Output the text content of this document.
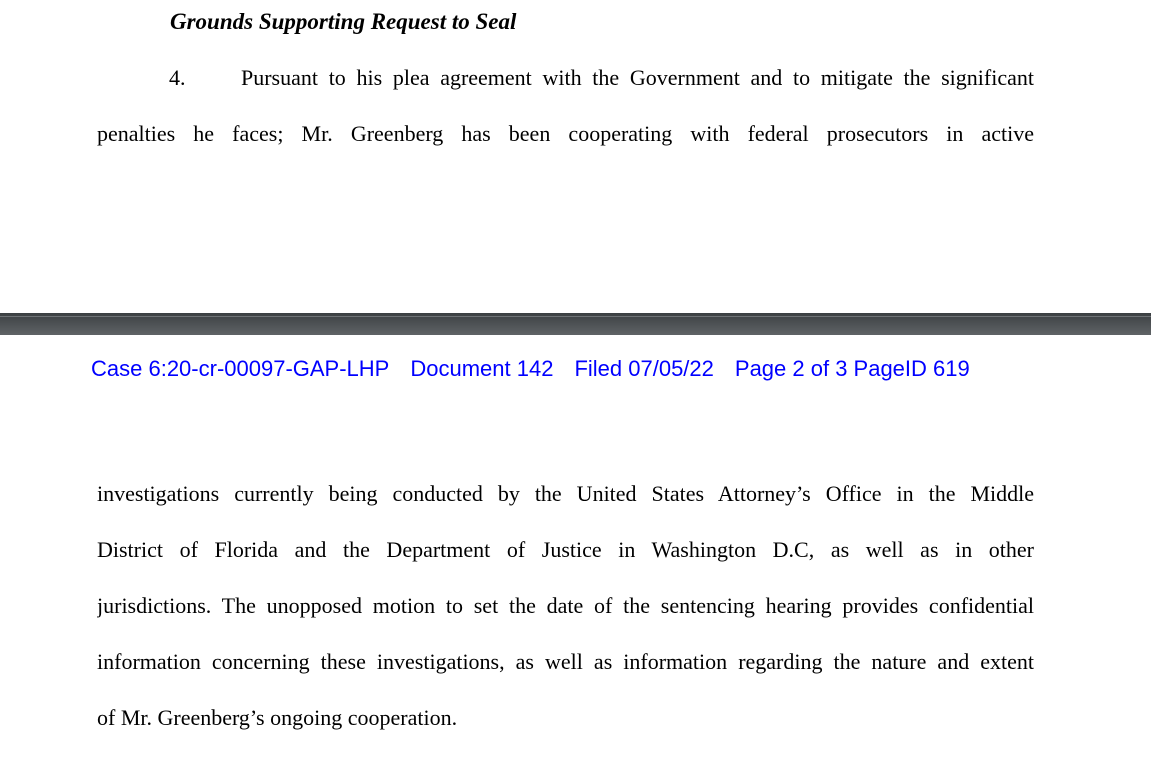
Grounds Supporting Request to Seal
4.	Pursuant to his plea agreement with the Government and to mitigate the significant
penalties he faces; Mr. Greenberg has been cooperating with federal prosecutors in active
Case 6:20-cr-00097-GAP-LHP Document 142 Filed 07/05/22 Page 2 of 3 PageID 619
investigations currently being conducted by the United States Attorney’s Office in the Middle
District of Florida and the Department of Justice in Washington D.C, as well as in other
jurisdictions. The unopposed motion to set the date of the sentencing hearing provides confidential
information concerning these investigations, as well as information regarding the nature and extent
of Mr. Greenberg’s ongoing cooperation.
